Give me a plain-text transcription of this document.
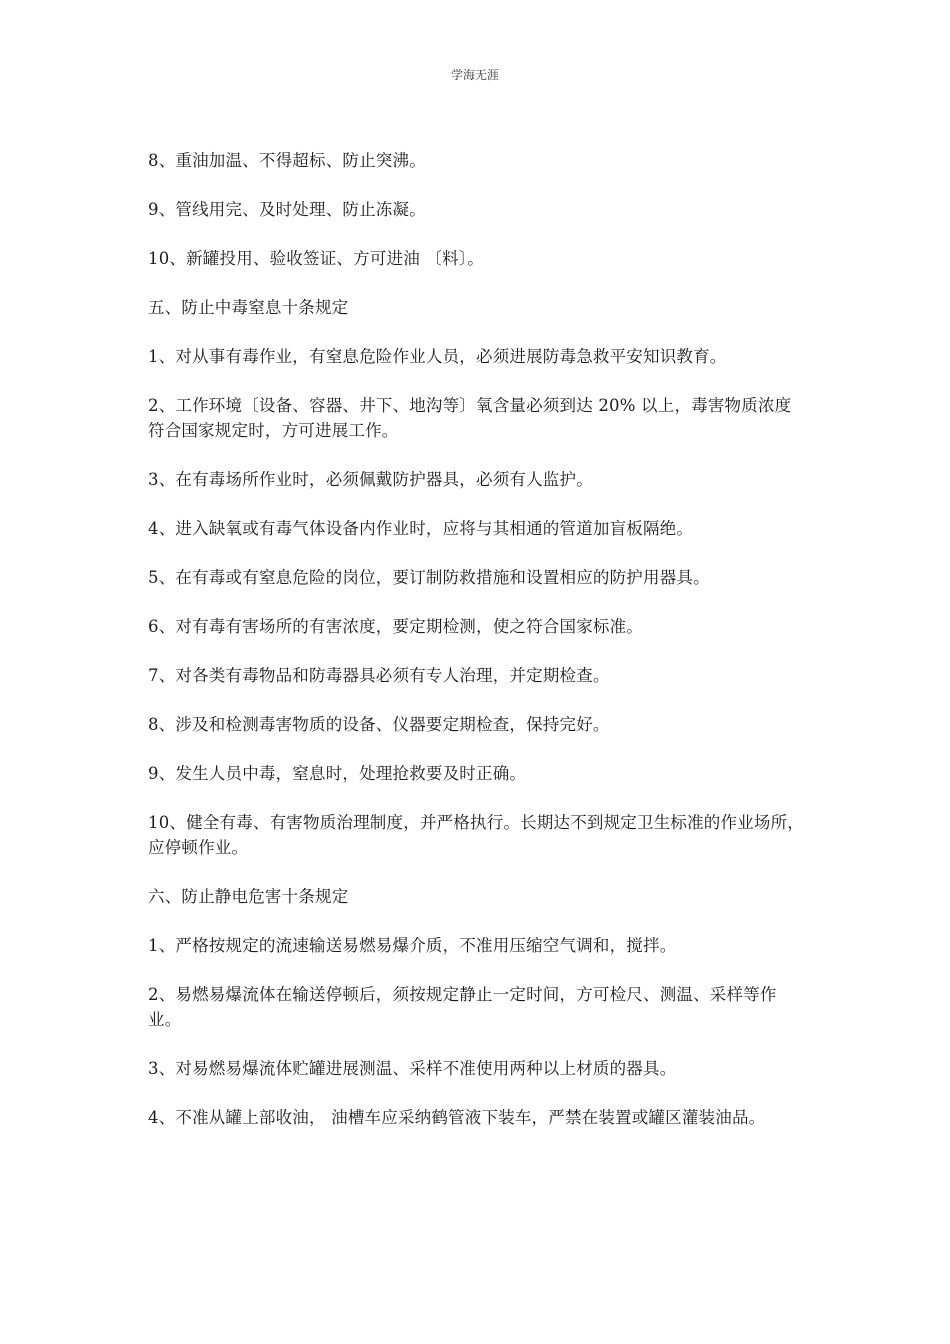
学海无涯

8、重油加温、不得超标、防止突沸。

9、管线用完、及时处理、防止冻凝。

10、新罐投用、验收签证、方可进油 〔料〕。

五、防止中毒窒息十条规定

1、对从事有毒作业，有窒息危险作业人员，必须进展防毒急救平安知识教育。

2、工作环境〔设备、容器、井下、地沟等〕氧含量必须到达 20% 以上，毒害物质浓度符合国家规定时，方可进展工作。

3、在有毒场所作业时，必须佩戴防护器具，必须有人监护。

4、进入缺氧或有毒气体设备内作业时，应将与其相通的管道加盲板隔绝。

5、在有毒或有窒息危险的岗位，要订制防救措施和设置相应的防护用器具。

6、对有毒有害场所的有害浓度，要定期检测，使之符合国家标准。

7、对各类有毒物品和防毒器具必须有专人治理，并定期检查。

8、涉及和检测毒害物质的设备、仪器要定期检查，保持完好。

9、发生人员中毒，窒息时，处理抢救要及时正确。

10、健全有毒、有害物质治理制度，并严格执行。长期达不到规定卫生标准的作业场所，应停顿作业。

六、防止静电危害十条规定

1、严格按规定的流速输送易燃易爆介质，不准用压缩空气调和，搅拌。

2、易燃易爆流体在输送停顿后，须按规定静止一定时间，方可检尺、测温、采样等作业。

3、对易燃易爆流体贮罐进展测温、采样不准使用两种以上材质的器具。

4、不准从罐上部收油， 油槽车应采纳鹤管液下装车，严禁在装置或罐区灌装油品。
